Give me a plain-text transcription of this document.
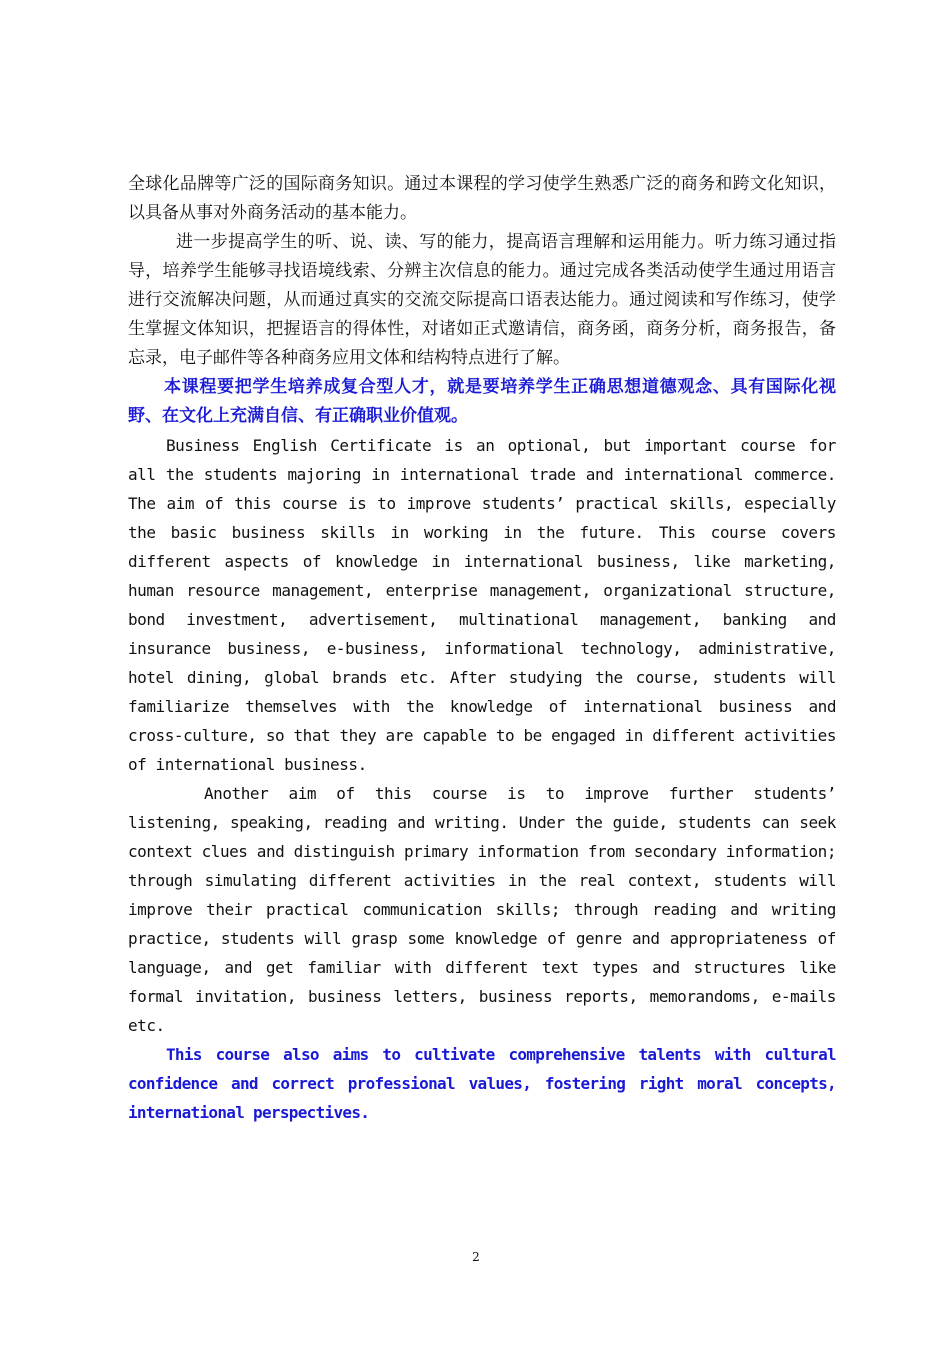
全球化品牌等广泛的国际商务知识。通过本课程的学习使学生熟悉广泛的商务和跨文化知识，以具备从事对外商务活动的基本能力。

进一步提高学生的听、说、读、写的能力，提高语言理解和运用能力。听力练习通过指导，培养学生能够寻找语境线索、分辨主次信息的能力。通过完成各类活动使学生通过用语言进行交流解决问题，从而通过真实的交流交际提高口语表达能力。通过阅读和写作练习，使学生掌握文体知识，把握语言的得体性，对诸如正式邀请信，商务函，商务分析，商务报告，备忘录，电子邮件等各种商务应用文体和结构特点进行了解。

本课程要把学生培养成复合型人才，就是要培养学生正确思想道德观念、具有国际化视野、在文化上充满自信、有正确职业价值观。

Business English Certificate is an optional, but important course for all the students majoring in international trade and international commerce. The aim of this course is to improve students’ practical skills, especially the basic business skills in working in the future. This course covers different aspects of knowledge in international business, like marketing, human resource management, enterprise management, organizational structure, bond investment, advertisement, multinational management, banking and insurance business, e-business, informational technology, administrative, hotel dining, global brands etc. After studying the course, students will familiarize themselves with the knowledge of international business and cross-culture, so that they are capable to be engaged in different activities of international business.

Another aim of this course is to improve further students’ listening, speaking, reading and writing. Under the guide, students can seek context clues and distinguish primary information from secondary information; through simulating different activities in the real context, students will improve their practical communication skills; through reading and writing practice, students will grasp some knowledge of genre and appropriateness of language, and get familiar with different text types and structures like formal invitation, business letters, business reports, memorandoms, e-mails etc.

This course also aims to cultivate comprehensive talents with cultural confidence and correct professional values, fostering right moral concepts, international perspectives.

2
